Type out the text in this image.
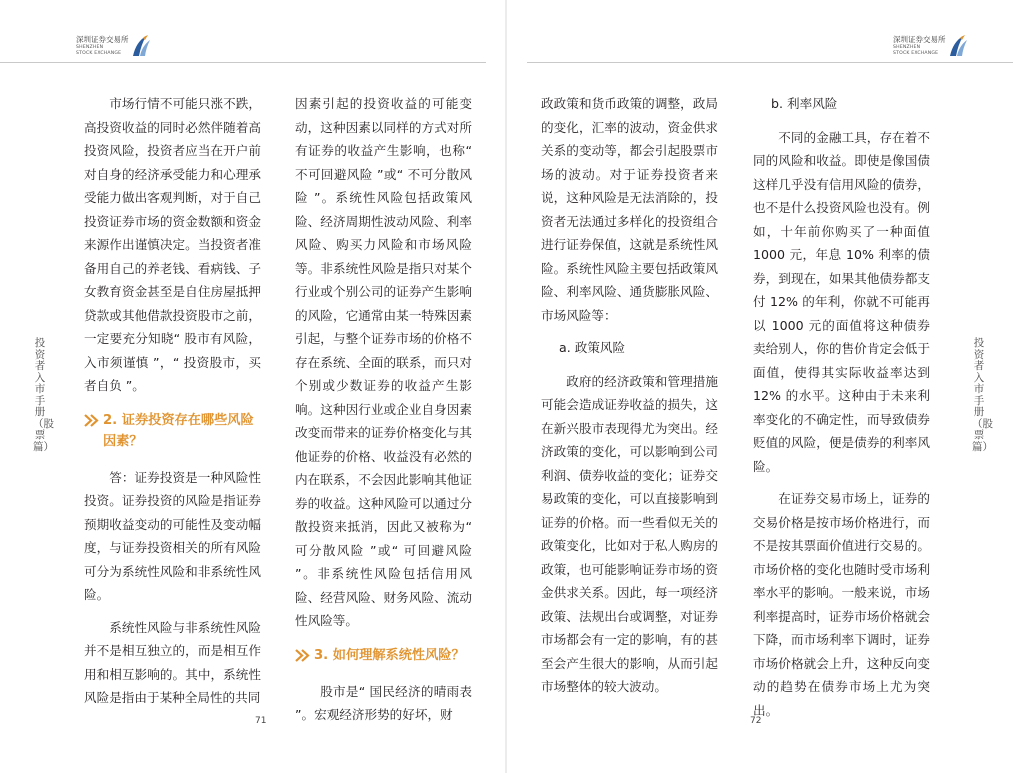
深圳证券交易所
SHENZHEN
STOCK EXCHANGE

市场行情不可能只涨不跌，高投资收益的同时必然伴随着高投资风险，投资者应当在开户前对自身的经济承受能力和心理承受能力做出客观判断，对于自己投资证券市场的资金数额和资金来源作出谨慎决定。当投资者准备用自己的养老钱、看病钱、子女教育资金甚至是自住房屋抵押贷款或其他借款投资股市之前，一定要充分知晓“ 股市有风险，入市须谨慎 ”，“ 投资股市，买者自负 ”。

2. 证券投资存在哪些风险因素？

答：证券投资是一种风险性投资。证券投资的风险是指证券预期收益变动的可能性及变动幅度，与证券投资相关的所有风险可分为系统性风险和非系统性风险。

系统性风险与非系统性风险并不是相互独立的，而是相互作用和相互影响的。其中，系统性风险是指由于某种全局性的共同

因素引起的投资收益的可能变动，这种因素以同样的方式对所有证券的收益产生影响，也称“ 不可回避风险 ”或“ 不可分散风险 ”。系统性风险包括政策风险、经济周期性波动风险、利率风险、购买力风险和市场风险等。非系统性风险是指只对某个行业或个别公司的证券产生影响的风险，它通常由某一特殊因素引起，与整个证券市场的价格不存在系统、全面的联系，而只对个别或少数证券的收益产生影响。这种因行业或企业自身因素改变而带来的证券价格变化与其他证券的价格、收益没有必然的内在联系，不会因此影响其他证券的收益。这种风险可以通过分散投资来抵消，因此又被称为“ 可分散风险 ”或“ 可回避风险 ”。非系统性风险包括信用风险、经营风险、财务风险、流动性风险等。

3. 如何理解系统性风险？

股市是“ 国民经济的晴雨表 ”。宏观经济形势的好坏，财

投资者入市手册（股票篇）
71
深圳证券交易所
SHENZHEN
STOCK EXCHANGE

政政策和货币政策的调整，政局的变化，汇率的波动，资金供求关系的变动等，都会引起股票市场的波动。对于证券投资者来说，这种风险是无法消除的，投资者无法通过多样化的投资组合进行证券保值，这就是系统性风险。系统性风险主要包括政策风险、利率风险、通货膨胀风险、市场风险等：

a. 政策风险

政府的经济政策和管理措施可能会造成证券收益的损失，这在新兴股市表现得尤为突出。经济政策的变化，可以影响到公司利润、债券收益的变化；证券交易政策的变化，可以直接影响到证券的价格。而一些看似无关的政策变化，比如对于私人购房的政策，也可能影响证券市场的资金供求关系。因此，每一项经济政策、法规出台或调整，对证券市场都会有一定的影响，有的甚至会产生很大的影响，从而引起市场整体的较大波动。

b. 利率风险

不同的金融工具，存在着不同的风险和收益。即使是像国债这样几乎没有信用风险的债券，也不是什么投资风险也没有。例如，十年前你购买了一种面值 1000 元，年息 10% 利率的债券，到现在，如果其他债券都支付 12% 的年利，你就不可能再以 1000 元的面值将这种债券卖给别人，你的售价肯定会低于面值，使得其实际收益率达到 12% 的水平。这种由于未来利率变化的不确定性，而导致债券贬值的风险，便是债券的利率风险。

在证券交易市场上，证券的交易价格是按市场价格进行，而不是按其票面价值进行交易的。市场价格的变化也随时受市场利率水平的影响。一般来说，市场利率提高时，证券市场价格就会下降，而市场利率下调时，证券市场价格就会上升，这种反向变动的趋势在债券市场上尤为突出。

投资者入市手册（股票篇）
72
